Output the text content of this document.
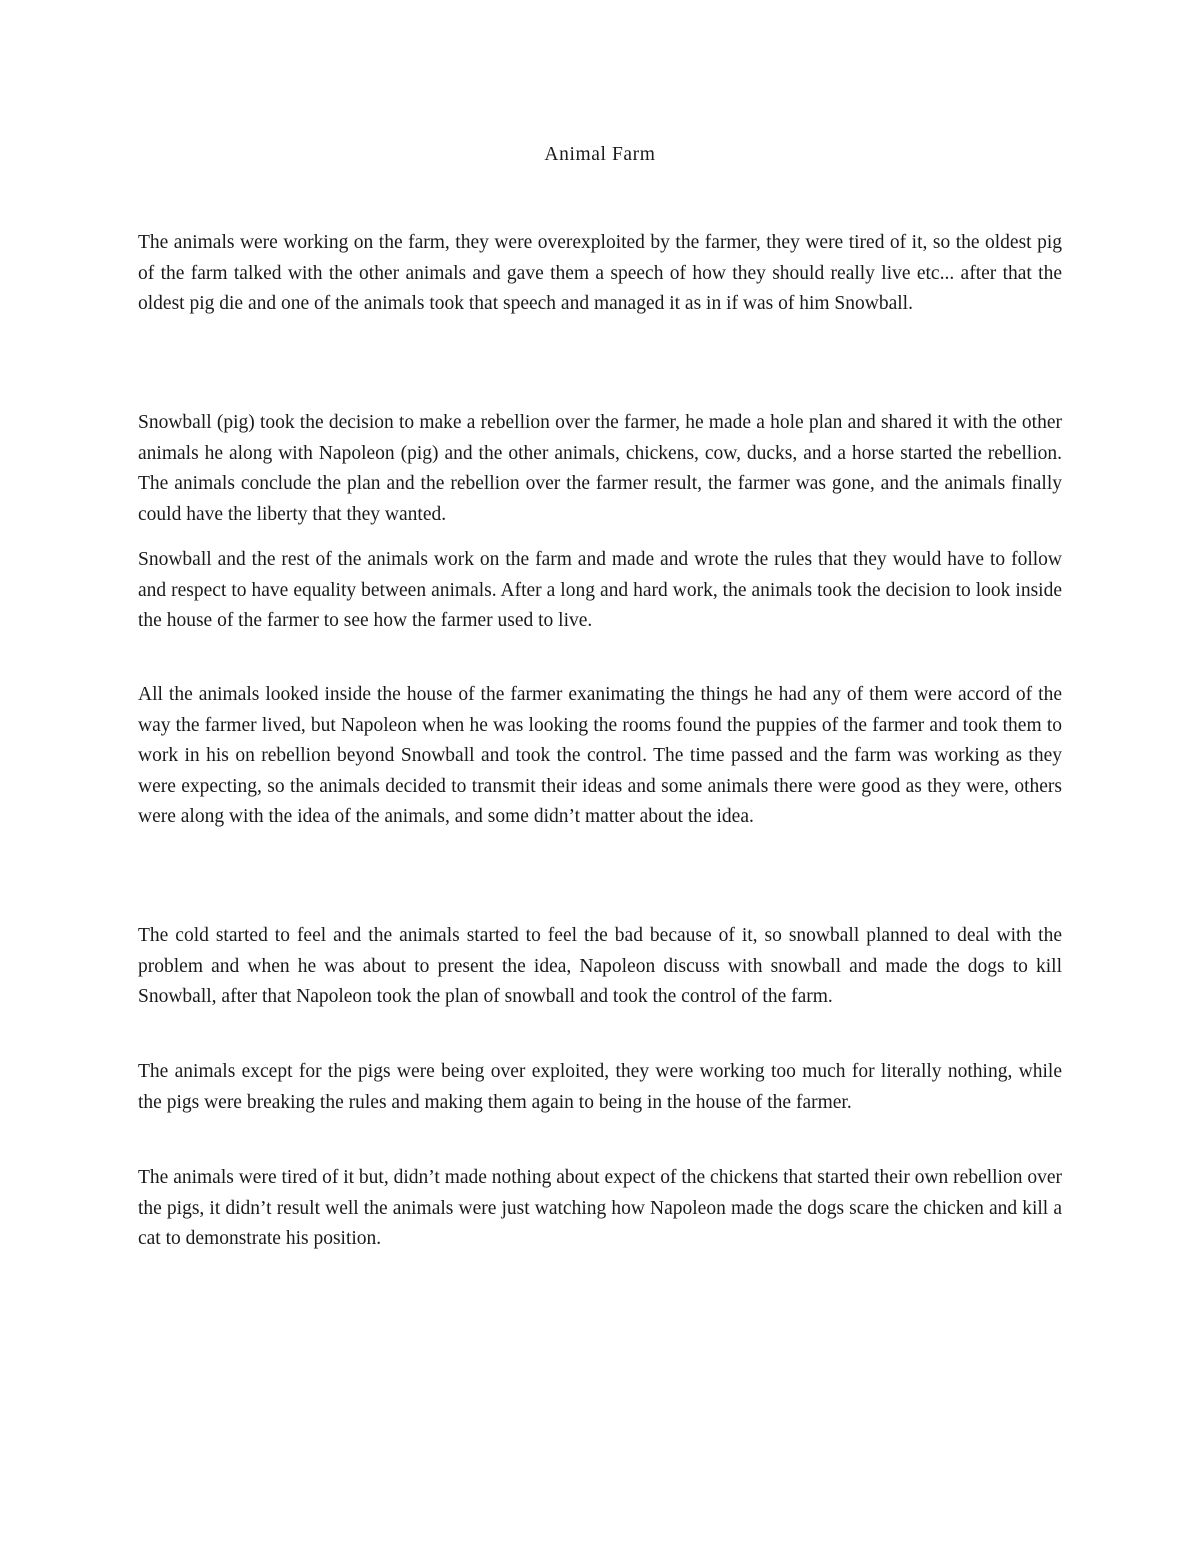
Animal Farm

The animals were working on the farm, they were overexploited by the farmer, they were tired of it, so the oldest pig of the farm talked with the other animals and gave them a speech of how they should really live etc... after that the oldest pig die and one of the animals took that speech and managed it as in if was of him Snowball.

Snowball (pig) took the decision to make a rebellion over the farmer, he made a hole plan and shared it with the other animals he along with Napoleon (pig) and the other animals, chickens, cow, ducks, and a horse started the rebellion. The animals conclude the plan and the rebellion over the farmer result, the farmer was gone, and the animals finally could have the liberty that they wanted.

Snowball and the rest of the animals work on the farm and made and wrote the rules that they would have to follow and respect to have equality between animals. After a long and hard work, the animals took the decision to look inside the house of the farmer to see how the farmer used to live.

All the animals looked inside the house of the farmer exanimating the things he had any of them were accord of the way the farmer lived, but Napoleon when he was looking the rooms found the puppies of the farmer and took them to work in his on rebellion beyond Snowball and took the control. The time passed and the farm was working as they were expecting, so the animals decided to transmit their ideas and some animals there were good as they were, others were along with the idea of the animals, and some didn’t matter about the idea.

The cold started to feel and the animals started to feel the bad because of it, so snowball planned to deal with the problem and when he was about to present the idea, Napoleon discuss with snowball and made the dogs to kill Snowball, after that Napoleon took the plan of snowball and took the control of the farm.

The animals except for the pigs were being over exploited, they were working too much for literally nothing, while the pigs were breaking the rules and making them again to being in the house of the farmer.

The animals were tired of it but, didn’t made nothing about expect of the chickens that started their own rebellion over the pigs, it didn’t result well the animals were just watching how Napoleon made the dogs scare the chicken and kill a cat to demonstrate his position.
